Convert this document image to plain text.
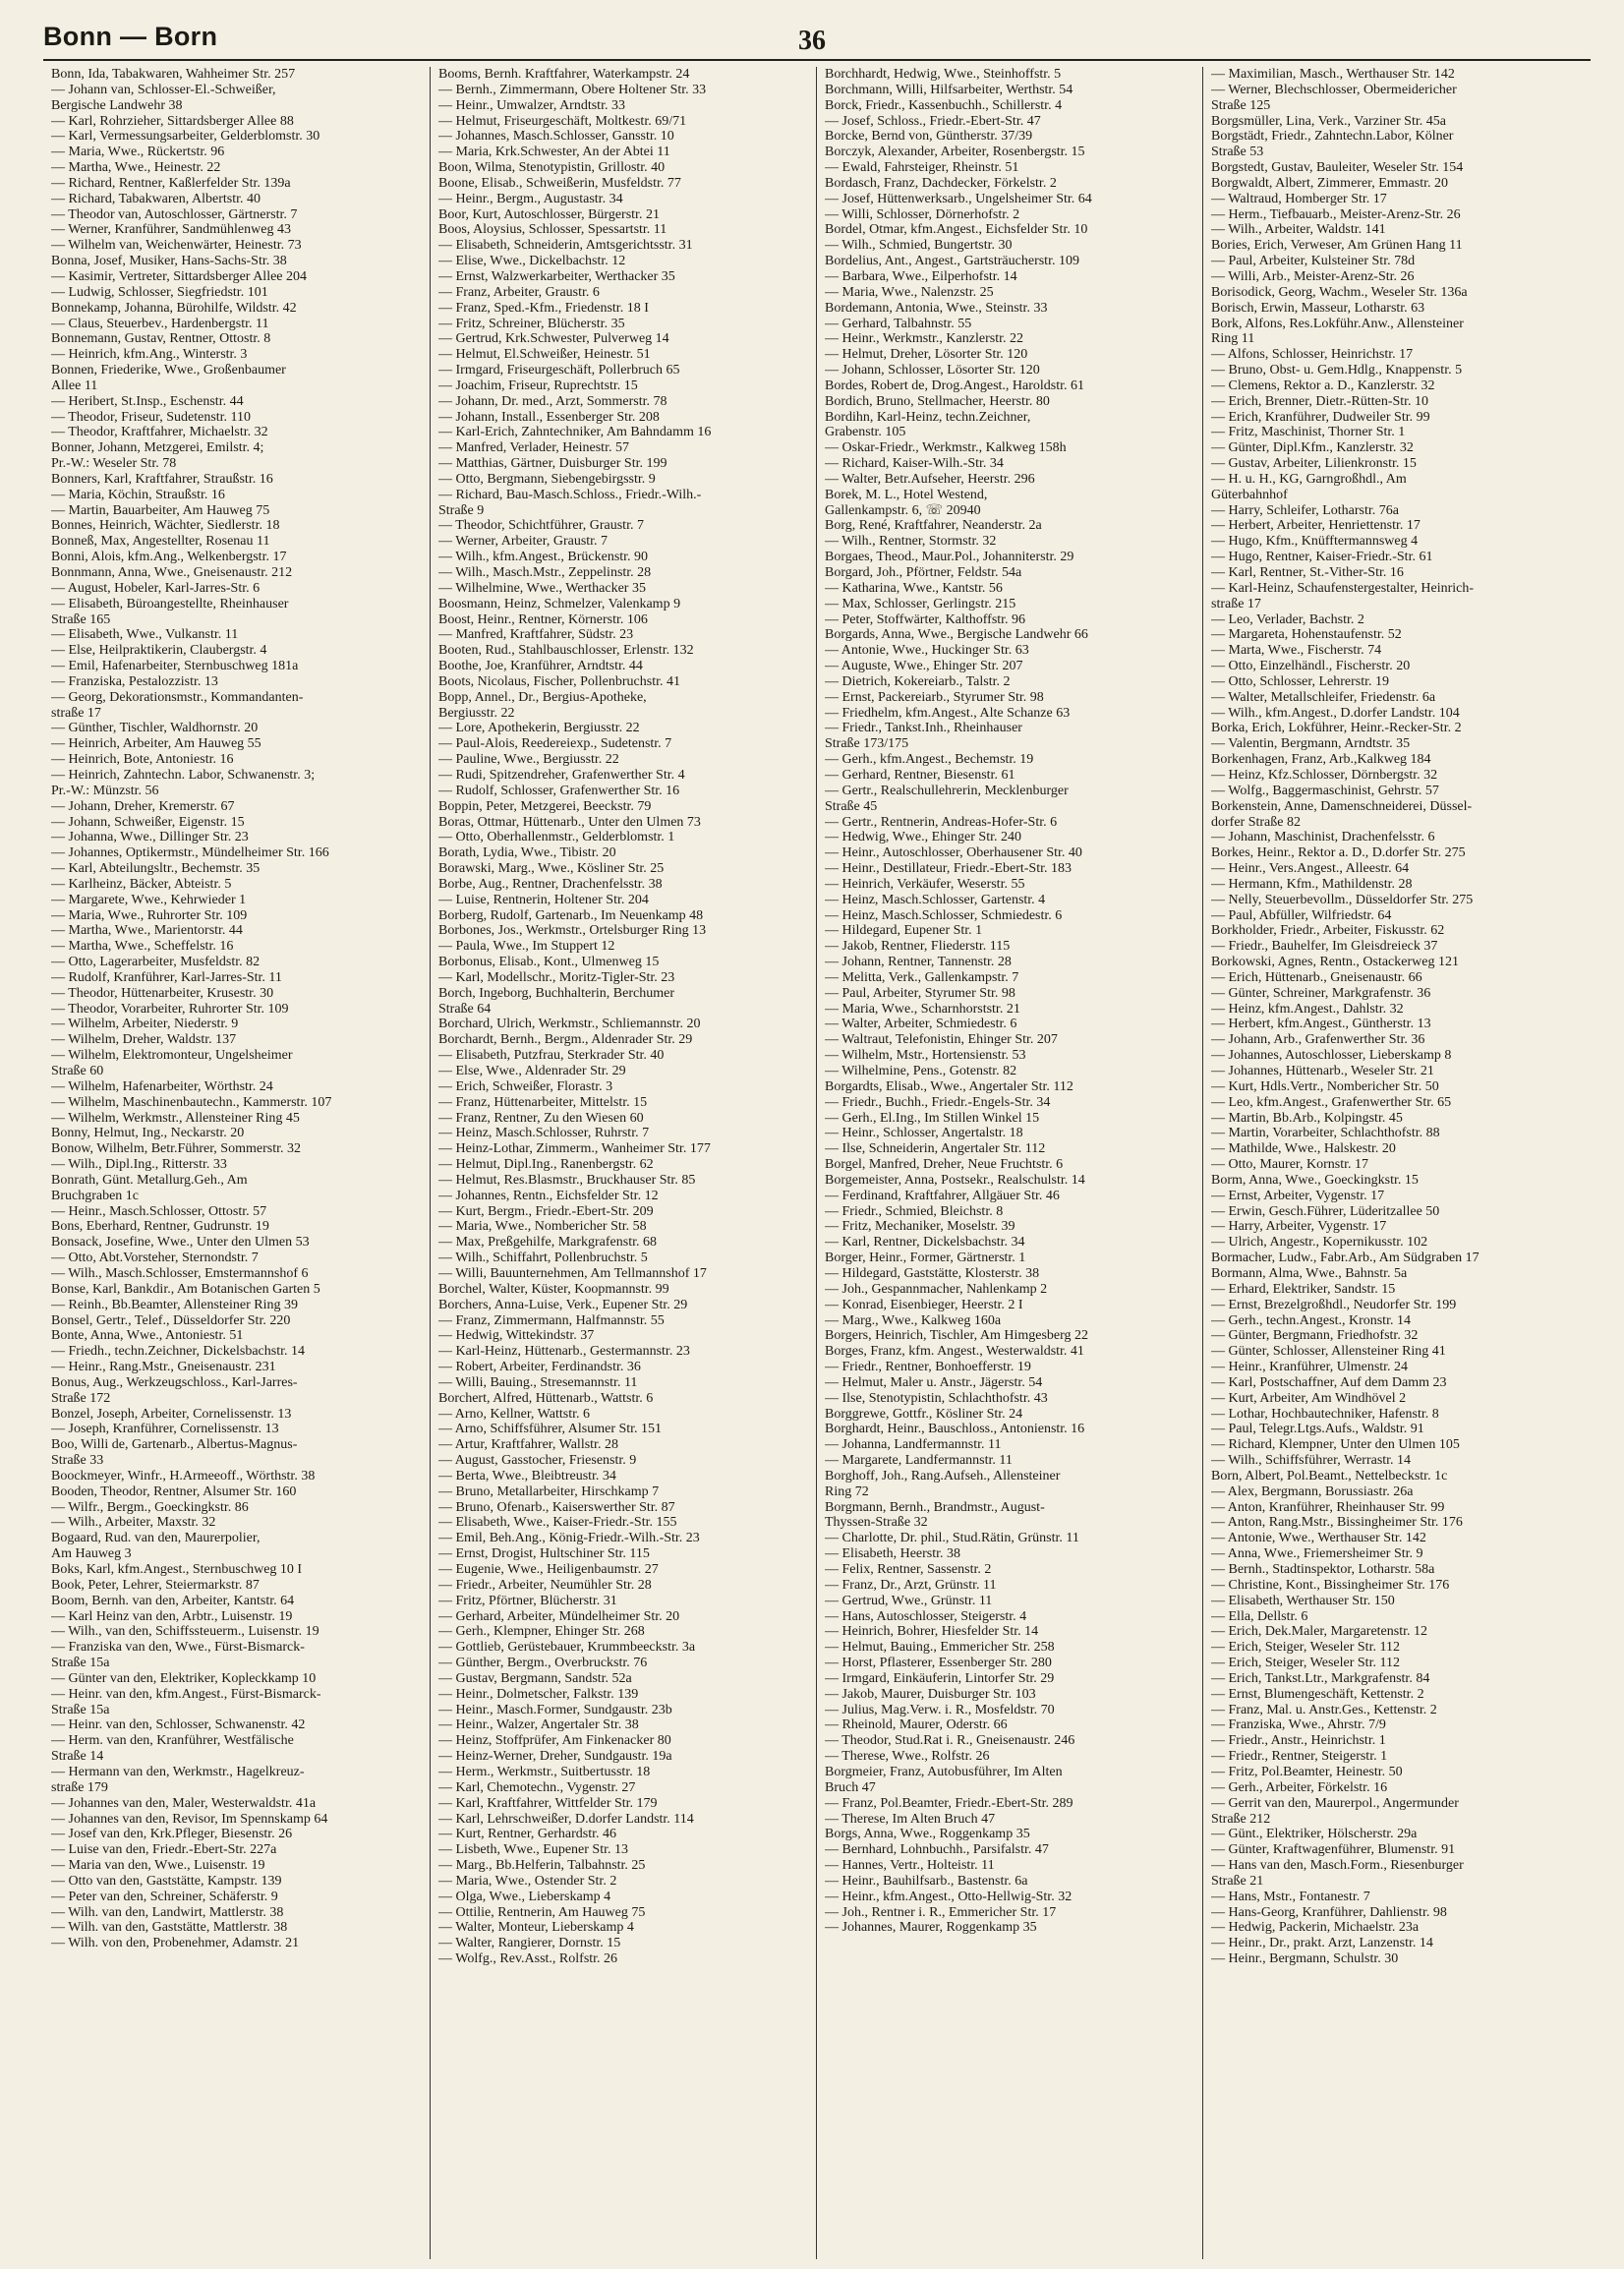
Bonn — Born	36
Bonn, Ida, Tabakwaren, Wahheimer Str. 257
— Johann van, Schlosser-El.-Schweißer,
Bergische Landwehr 38
— Karl, Rohrzieher, Sittardsberger Allee 88
— Karl, Vermessungsarbeiter, Gelderblomstr. 30
— Maria, Wwe., Rückertstr. 96
— Martha, Wwe., Heinestr. 22
— Richard, Rentner, Kaßlerfelder Str. 139a
— Richard, Tabakwaren, Albertstr. 40
— Theodor van, Autoschlosser, Gärtnerstr. 7
— Werner, Kranführer, Sandmühlenweg 43
— Wilhelm van, Weichenwärter, Heinestr. 73
Bonna, Josef, Musiker, Hans-Sachs-Str. 38
— Kasimir, Vertreter, Sittardsberger Allee 204
— Ludwig, Schlosser, Siegfriedstr. 101
Bonnekamp, Johanna, Bürohilfe, Wildstr. 42
— Claus, Steuerbev., Hardenbergstr. 11
Bonnemann, Gustav, Rentner, Ottostr. 8
— Heinrich, kfm.Ang., Winterstr. 3
Bonnen, Friederike, Wwe., Großenbaumer
Allee 11
— Heribert, St.Insp., Eschenstr. 44
— Theodor, Friseur, Sudetenstr. 110
— Theodor, Kraftfahrer, Michaelstr. 32
Bonner, Johann, Metzgerei, Emilstr. 4;
Pr.-W.: Weseler Str. 78
Bonners, Karl, Kraftfahrer, Straußstr. 16
— Maria, Köchin, Straußstr. 16
— Martin, Bauarbeiter, Am Hauweg 75
Bonnes, Heinrich, Wächter, Siedlerstr. 18
Bonneß, Max, Angestellter, Rosenau 11
Bonni, Alois, kfm.Ang., Welkenbergstr. 17
Bonnmann, Anna, Wwe., Gneisenaustr. 212
— August, Hobeler, Karl-Jarres-Str. 6
— Elisabeth, Büroangestellte, Rheinhauser
Straße 165
— Elisabeth, Wwe., Vulkanstr. 11
— Else, Heilpraktikerin, Claubergstr. 4
— Emil, Hafenarbeiter, Sternbuschweg 181a
— Franziska, Pestalozzistr. 13
— Georg, Dekorationsmstr., Kommandanten-
straße 17
— Günther, Tischler, Waldhornstr. 20
— Heinrich, Arbeiter, Am Hauweg 55
— Heinrich, Bote, Antoniestr. 16
— Heinrich, Zahntechn. Labor, Schwanenstr. 3;
Pr.-W.: Münzstr. 56
— Johann, Dreher, Kremerstr. 67
— Johann, Schweißer, Eigenstr. 15
— Johanna, Wwe., Dillinger Str. 23
— Johannes, Optikermstr., Mündelheimer Str. 166
— Karl, Abteilungsltr., Bechemstr. 35
— Karlheinz, Bäcker, Abteistr. 5
— Margarete, Wwe., Kehrwieder 1
— Maria, Wwe., Ruhrorter Str. 109
— Martha, Wwe., Marientorstr. 44
— Martha, Wwe., Scheffelstr. 16
— Otto, Lagerarbeiter, Musfeldstr. 82
— Rudolf, Kranführer, Karl-Jarres-Str. 11
— Theodor, Hüttenarbeiter, Krusestr. 30
— Theodor, Vorarbeiter, Ruhrorter Str. 109
— Wilhelm, Arbeiter, Niederstr. 9
— Wilhelm, Dreher, Waldstr. 137
— Wilhelm, Elektromonteur, Ungelsheimer
Straße 60
— Wilhelm, Hafenarbeiter, Wörthstr. 24
— Wilhelm, Maschinenbautechn., Kammerstr. 107
— Wilhelm, Werkmstr., Allensteiner Ring 45
Bonny, Helmut, Ing., Neckarstr. 20
Bonow, Wilhelm, Betr.Führer, Sommerstr. 32
— Wilh., Dipl.Ing., Ritterstr. 33
Bonrath, Günt. Metallurg.Geh., Am
Bruchgraben 1c
— Heinr., Masch.Schlosser, Ottostr. 57
Bons, Eberhard, Rentner, Gudrunstr. 19
Bonsack, Josefine, Wwe., Unter den Ulmen 53
— Otto, Abt.Vorsteher, Sternondstr. 7
— Wilh., Masch.Schlosser, Emstermannshof 6
Bonse, Karl, Bankdir., Am Botanischen Garten 5
— Reinh., Bb.Beamter, Allensteiner Ring 39
Bonsel, Gertr., Telef., Düsseldorfer Str. 220
Bonte, Anna, Wwe., Antoniestr. 51
— Friedh., techn.Zeichner, Dickelsbachstr. 14
— Heinr., Rang.Mstr., Gneisenaustr. 231
Bonus, Aug., Werkzeugschloss., Karl-Jarres-
Straße 172
Bonzel, Joseph, Arbeiter, Cornelissenstr. 13
— Joseph, Kranführer, Cornelissenstr. 13
Boo, Willi de, Gartenarb., Albertus-Magnus-
Straße 33
Boockmeyer, Winfr., H.Armeeoff., Wörthstr. 38
Booden, Theodor, Rentner, Alsumer Str. 160
— Wilfr., Bergm., Goeckingkstr. 86
— Wilh., Arbeiter, Maxstr. 32
Bogaard, Rud. van den, Maurerpolier,
Am Hauweg 3
Boks, Karl, kfm.Angest., Sternbuschweg 10 I
Book, Peter, Lehrer, Steiermarkstr. 87
Boom, Bernh. van den, Arbeiter, Kantstr. 64
— Karl Heinz van den, Arbtr., Luisenstr. 19
— Wilh., van den, Schiffssteuerm., Luisenstr. 19
— Franziska van den, Wwe., Fürst-Bismarck-
Straße 15a
— Günter van den, Elektriker, Kopleckkamp 10
— Heinr. van den, kfm.Angest., Fürst-Bismarck-
Straße 15a
— Heinr. van den, Schlosser, Schwanenstr. 42
— Herm. van den, Kranführer, Westfälische
Straße 14
— Hermann van den, Werkmstr., Hagelkreuz-
straße 179
— Johannes van den, Maler, Westerwaldstr. 41a
— Johannes van den, Revisor, Im Spennskamp 64
— Josef van den, Krk.Pfleger, Biesenstr. 26
— Luise van den, Friedr.-Ebert-Str. 227a
— Maria van den, Wwe., Luisenstr. 19
— Otto van den, Gaststätte, Kampstr. 139
— Peter van den, Schreiner, Schäferstr. 9
— Wilh. van den, Landwirt, Mattlerstr. 38
— Wilh. van den, Gaststätte, Mattlerstr. 38
— Wilh. von den, Probenehmer, Adamstr. 21
Booms, Bernh. Kraftfahrer, Waterkampstr. 24
— Bernh., Zimmermann, Obere Holtener Str. 33
— Heinr., Umwalzer, Arndtstr. 33
— Helmut, Friseurgeschäft, Moltkestr. 69/71
— Johannes, Masch.Schlosser, Gansstr. 10
— Maria, Krk.Schwester, An der Abtei 11
Boon, Wilma, Stenotypistin, Grillostr. 40
Boone, Elisab., Schweißerin, Musfeldstr. 77
— Heinr., Bergm., Augustastr. 34
Boor, Kurt, Autoschlosser, Bürgerstr. 21
Boos, Aloysius, Schlosser, Spessartstr. 11
— Elisabeth, Schneiderin, Amtsgerichtsstr. 31
— Elise, Wwe., Dickelbachstr. 12
— Ernst, Walzwerkarbeiter, Werthacker 35
— Franz, Arbeiter, Graustr. 6
— Franz, Sped.-Kfm., Friedenstr. 18 I
— Fritz, Schreiner, Blücherstr. 35
— Gertrud, Krk.Schwester, Pulverweg 14
— Helmut, El.Schweißer, Heinestr. 51
— Irmgard, Friseurgeschäft, Pollerbruch 65
— Joachim, Friseur, Ruprechtstr. 15
— Johann, Dr. med., Arzt, Sommerstr. 78
— Johann, Install., Essenberger Str. 208
— Karl-Erich, Zahntechniker, Am Bahndamm 16
— Manfred, Verlader, Heinestr. 57
— Matthias, Gärtner, Duisburger Str. 199
— Otto, Bergmann, Siebengebirgsstr. 9
— Richard, Bau-Masch.Schloss., Friedr.-Wilh.-
Straße 9
— Theodor, Schichtführer, Graustr. 7
— Werner, Arbeiter, Graustr. 7
— Wilh., kfm.Angest., Brückenstr. 90
— Wilh., Masch.Mstr., Zeppelinstr. 28
— Wilhelmine, Wwe., Werthacker 35
Boosmann, Heinz, Schmelzer, Valenkamp 9
Boost, Heinr., Rentner, Körnerstr. 106
— Manfred, Kraftfahrer, Südstr. 23
Booten, Rud., Stahlbauschlosser, Erlenstr. 132
Boothe, Joe, Kranführer, Arndtstr. 44
Boots, Nicolaus, Fischer, Pollenbruchstr. 41
Bopp, Annel., Dr., Bergius-Apotheke,
Bergiusstr. 22
— Lore, Apothekerin, Bergiusstr. 22
— Paul-Alois, Reedereiexp., Sudetenstr. 7
— Pauline, Wwe., Bergiusstr. 22
— Rudi, Spitzendreher, Grafenwerther Str. 4
— Rudolf, Schlosser, Grafenwerther Str. 16
Boppin, Peter, Metzgerei, Beeckstr. 79
Boras, Ottmar, Hüttenarb., Unter den Ulmen 73
— Otto, Oberhallenmstr., Gelderblomstr. 1
Borath, Lydia, Wwe., Tibistr. 20
Borawski, Marg., Wwe., Kösliner Str. 25
Borbe, Aug., Rentner, Drachenfelsstr. 38
— Luise, Rentnerin, Holtener Str. 204
Borberg, Rudolf, Gartenarb., Im Neuenkamp 48
Borbones, Jos., Werkmstr., Ortelsburger Ring 13
— Paula, Wwe., Im Stuppert 12
Borbonus, Elisab., Kont., Ulmenweg 15
— Karl, Modellschr., Moritz-Tigler-Str. 23
Borch, Ingeborg, Buchhalterin, Berchumer
Straße 64
Borchard, Ulrich, Werkmstr., Schliemannstr. 20
Borchardt, Bernh., Bergm., Aldenrader Str. 29
— Elisabeth, Putzfrau, Sterkrader Str. 40
— Else, Wwe., Aldenrader Str. 29
— Erich, Schweißer, Florastr. 3
— Franz, Hüttenarbeiter, Mittelstr. 15
— Franz, Rentner, Zu den Wiesen 60
— Heinz, Masch.Schlosser, Ruhrstr. 7
— Heinz-Lothar, Zimmerm., Wanheimer Str. 177
— Helmut, Dipl.Ing., Ranenbergstr. 62
— Helmut, Res.Blasmstr., Bruckhauser Str. 85
— Johannes, Rentn., Eichsfelder Str. 12
— Kurt, Bergm., Friedr.-Ebert-Str. 209
— Maria, Wwe., Nombericher Str. 58
— Max, Preßgehilfe, Markgrafenstr. 68
— Wilh., Schiffahrt, Pollenbruchstr. 5
— Willi, Bauunternehmen, Am Tellmannshof 17
Borchel, Walter, Küster, Koopmannstr. 99
Borchers, Anna-Luise, Verk., Eupener Str. 29
— Franz, Zimmermann, Halfmannstr. 55
— Hedwig, Wittekindstr. 37
— Karl-Heinz, Hüttenarb., Gestermannstr. 23
— Robert, Arbeiter, Ferdinandstr. 36
— Willi, Bauing., Stresemannstr. 11
Borchert, Alfred, Hüttenarb., Wattstr. 6
— Arno, Kellner, Wattstr. 6
— Arno, Schiffsführer, Alsumer Str. 151
— Artur, Kraftfahrer, Wallstr. 28
— August, Gasstocher, Friesenstr. 9
— Berta, Wwe., Bleibtreustr. 34
— Bruno, Metallarbeiter, Hirschkamp 7
— Bruno, Ofenarb., Kaiserswerther Str. 87
— Elisabeth, Wwe., Kaiser-Friedr.-Str. 155
— Emil, Beh.Ang., König-Friedr.-Wilh.-Str. 23
— Ernst, Drogist, Hultschiner Str. 115
— Eugenie, Wwe., Heiligenbaumstr. 27
— Friedr., Arbeiter, Neumühler Str. 28
— Fritz, Pförtner, Blücherstr. 31
— Gerhard, Arbeiter, Mündelheimer Str. 20
— Gerh., Klempner, Ehinger Str. 268
— Gottlieb, Gerüstebauer, Krummbeeckstr. 3a
— Günther, Bergm., Overbruckstr. 76
— Gustav, Bergmann, Sandstr. 52a
— Heinr., Dolmetscher, Falkstr. 139
— Heinr., Masch.Former, Sundgaustr. 23b
— Heinr., Walzer, Angertaler Str. 38
— Heinz, Stoffprüfer, Am Finkenacker 80
— Heinz-Werner, Dreher, Sundgaustr. 19a
— Herm., Werkmstr., Suitbertusstr. 18
— Karl, Chemotechn., Vygenstr. 27
— Karl, Kraftfahrer, Wittfelder Str. 179
— Karl, Lehrschweißer, D.dorfer Landstr. 114
— Kurt, Rentner, Gerhardstr. 46
— Lisbeth, Wwe., Eupener Str. 13
— Marg., Bb.Helferin, Talbahnstr. 25
— Maria, Wwe., Ostender Str. 2
— Olga, Wwe., Lieberskamp 4
— Ottilie, Rentnerin, Am Hauweg 75
— Walter, Monteur, Lieberskamp 4
— Walter, Rangierer, Dornstr. 15
— Wolfg., Rev.Asst., Rolfstr. 26
Borchhardt, Hedwig, Wwe., Steinhoffstr. 5
Borchmann, Willi, Hilfsarbeiter, Werthstr. 54
Borck, Friedr., Kassenbuchh., Schillerstr. 4
— Josef, Schloss., Friedr.-Ebert-Str. 47
Borcke, Bernd von, Güntherstr. 37/39
Borczyk, Alexander, Arbeiter, Rosenbergstr. 15
— Ewald, Fahrsteiger, Rheinstr. 51
Bordasch, Franz, Dachdecker, Förkelstr. 2
— Josef, Hüttenwerksarb., Ungelsheimer Str. 64
— Willi, Schlosser, Dörnerhofstr. 2
Bordel, Otmar, kfm.Angest., Eichsfelder Str. 10
— Wilh., Schmied, Bungertstr. 30
Bordelius, Ant., Angest., Gartsträucherstr. 109
— Barbara, Wwe., Eilperhofstr. 14
— Maria, Wwe., Nalenzstr. 25
Bordemann, Antonia, Wwe., Steinstr. 33
— Gerhard, Talbahnstr. 55
— Heinr., Werkmstr., Kanzlerstr. 22
— Helmut, Dreher, Lösorter Str. 120
— Johann, Schlosser, Lösorter Str. 120
Bordes, Robert de, Drog.Angest., Haroldstr. 61
Bordich, Bruno, Stellmacher, Heerstr. 80
Bordihn, Karl-Heinz, techn.Zeichner,
Grabenstr. 105
— Oskar-Friedr., Werkmstr., Kalkweg 158h
— Richard, Kaiser-Wilh.-Str. 34
— Walter, Betr.Aufseher, Heerstr. 296
Borek, M. L., Hotel Westend,
Gallenkampstr. 6, ☏ 20940
Borg, René, Kraftfahrer, Neanderstr. 2a
— Wilh., Rentner, Stormstr. 32
Borgaes, Theod., Maur.Pol., Johanniterstr. 29
Borgard, Joh., Pförtner, Feldstr. 54a
— Katharina, Wwe., Kantstr. 56
— Max, Schlosser, Gerlingstr. 215
— Peter, Stoffwärter, Kalthoffstr. 96
Borgards, Anna, Wwe., Bergische Landwehr 66
— Antonie, Wwe., Huckinger Str. 63
— Auguste, Wwe., Ehinger Str. 207
— Dietrich, Kokereiarb., Talstr. 2
— Ernst, Packereiarb., Styrumer Str. 98
— Friedhelm, kfm.Angest., Alte Schanze 63
— Friedr., Tankst.Inh., Rheinhauser
Straße 173/175
— Gerh., kfm.Angest., Bechemstr. 19
— Gerhard, Rentner, Biesenstr. 61
— Gertr., Realschullehrerin, Mecklenburger
Straße 45
— Gertr., Rentnerin, Andreas-Hofer-Str. 6
— Hedwig, Wwe., Ehinger Str. 240
— Heinr., Autoschlosser, Oberhausener Str. 40
— Heinr., Destillateur, Friedr.-Ebert-Str. 183
— Heinrich, Verkäufer, Weserstr. 55
— Heinz, Masch.Schlosser, Gartenstr. 4
— Heinz, Masch.Schlosser, Schmiedestr. 6
— Hildegard, Eupener Str. 1
— Jakob, Rentner, Fliederstr. 115
— Johann, Rentner, Tannenstr. 28
— Melitta, Verk., Gallenkampstr. 7
— Paul, Arbeiter, Styrumer Str. 98
— Maria, Wwe., Scharnhorststr. 21
— Walter, Arbeiter, Schmiedestr. 6
— Waltraut, Telefonistin, Ehinger Str. 207
— Wilhelm, Mstr., Hortensienstr. 53
— Wilhelmine, Pens., Gotenstr. 82
Borgardts, Elisab., Wwe., Angertaler Str. 112
— Friedr., Buchh., Friedr.-Engels-Str. 34
— Gerh., El.Ing., Im Stillen Winkel 15
— Heinr., Schlosser, Angertalstr. 18
— Ilse, Schneiderin, Angertaler Str. 112
Borgel, Manfred, Dreher, Neue Fruchtstr. 6
Borgemeister, Anna, Postsekr., Realschulstr. 14
— Ferdinand, Kraftfahrer, Allgäuer Str. 46
— Friedr., Schmied, Bleichstr. 8
— Fritz, Mechaniker, Moselstr. 39
— Karl, Rentner, Dickelsbachstr. 34
Borger, Heinr., Former, Gärtnerstr. 1
— Hildegard, Gaststätte, Klosterstr. 38
— Joh., Gespannmacher, Nahlenkamp 2
— Konrad, Eisenbieger, Heerstr. 2 I
— Marg., Wwe., Kalkweg 160a
Borgers, Heinrich, Tischler, Am Himgesberg 22
Borges, Franz, kfm. Angest., Westerwaldstr. 41
— Friedr., Rentner, Bonhoefferstr. 19
— Helmut, Maler u. Anstr., Jägerstr. 54
— Ilse, Stenotypistin, Schlachthofstr. 43
Borggrewe, Gottfr., Kösliner Str. 24
Borghardt, Heinr., Bauschloss., Antonienstr. 16
— Johanna, Landfermannstr. 11
— Margarete, Landfermannstr. 11
Borghoff, Joh., Rang.Aufseh., Allensteiner
Ring 72
Borgmann, Bernh., Brandmstr., August-
Thyssen-Straße 32
— Charlotte, Dr. phil., Stud.Rätin, Grünstr. 11
— Elisabeth, Heerstr. 38
— Felix, Rentner, Sassenstr. 2
— Franz, Dr., Arzt, Grünstr. 11
— Gertrud, Wwe., Grünstr. 11
— Hans, Autoschlosser, Steigerstr. 4
— Heinrich, Bohrer, Hiesfelder Str. 14
— Helmut, Bauing., Emmericher Str. 258
— Horst, Pflasterer, Essenberger Str. 280
— Irmgard, Einkäuferin, Lintorfer Str. 29
— Jakob, Maurer, Duisburger Str. 103
— Julius, Mag.Verw. i. R., Mosfeldstr. 70
— Rheinold, Maurer, Oderstr. 66
— Theodor, Stud.Rat i. R., Gneisenaustr. 246
— Therese, Wwe., Rolfstr. 26
Borgmeier, Franz, Autobusführer, Im Alten
Bruch 47
— Franz, Pol.Beamter, Friedr.-Ebert-Str. 289
— Therese, Im Alten Bruch 47
Borgs, Anna, Wwe., Roggenkamp 35
— Bernhard, Lohnbuchh., Parsifalstr. 47
— Hannes, Vertr., Holteistr. 11
— Heinr., Bauhilfsarb., Bastenstr. 6a
— Heinr., kfm.Angest., Otto-Hellwig-Str. 32
— Joh., Rentner i. R., Emmericher Str. 17
— Johannes, Maurer, Roggenkamp 35
— Maximilian, Masch., Werthauser Str. 142
— Werner, Blechschlosser, Obermeidericher
Straße 125
Borgsmüller, Lina, Verk., Varziner Str. 45a
Borgstädt, Friedr., Zahntechn.Labor, Kölner
Straße 53
Borgstedt, Gustav, Bauleiter, Weseler Str. 154
Borgwaldt, Albert, Zimmerer, Emmastr. 20
— Waltraud, Homberger Str. 17
— Herm., Tiefbauarb., Meister-Arenz-Str. 26
— Wilh., Arbeiter, Waldstr. 141
Bories, Erich, Verweser, Am Grünen Hang 11
— Paul, Arbeiter, Kulsteiner Str. 78d
— Willi, Arb., Meister-Arenz-Str. 26
Borisodick, Georg, Wachm., Weseler Str. 136a
Borisch, Erwin, Masseur, Lotharstr. 63
Bork, Alfons, Res.Lokführ.Anw., Allensteiner
Ring 11
— Alfons, Schlosser, Heinrichstr. 17
— Bruno, Obst- u. Gem.Hdlg., Knappenstr. 5
— Clemens, Rektor a. D., Kanzlerstr. 32
— Erich, Brenner, Dietr.-Rütten-Str. 10
— Erich, Kranführer, Dudweiler Str. 99
— Fritz, Maschinist, Thorner Str. 1
— Günter, Dipl.Kfm., Kanzlerstr. 32
— Gustav, Arbeiter, Lilienkronstr. 15
— H. u. H., KG, Garngroßhdl., Am
Güterbahnhof
— Harry, Schleifer, Lotharstr. 76a
— Herbert, Arbeiter, Henriettenstr. 17
— Hugo, Kfm., Knüfftermannsweg 4
— Hugo, Rentner, Kaiser-Friedr.-Str. 61
— Karl, Rentner, St.-Vither-Str. 16
— Karl-Heinz, Schaufenstergestalter, Heinrich-
straße 17
— Leo, Verlader, Bachstr. 2
— Margareta, Hohenstaufenstr. 52
— Marta, Wwe., Fischerstr. 74
— Otto, Einzelhändl., Fischerstr. 20
— Otto, Schlosser, Lehrerstr. 19
— Walter, Metallschleifer, Friedenstr. 6a
— Wilh., kfm.Angest., D.dorfer Landstr. 104
Borka, Erich, Lokführer, Heinr.-Recker-Str. 2
— Valentin, Bergmann, Arndtstr. 35
Borkenhagen, Franz, Arb.,Kalkweg 184
— Heinz, Kfz.Schlosser, Dörnbergstr. 32
— Wolfg., Baggermaschinist, Gehrstr. 57
Borkenstein, Anne, Damenschneiderei, Düssel-
dorfer Straße 82
— Johann, Maschinist, Drachenfelsstr. 6
Borkes, Heinr., Rektor a. D., D.dorfer Str. 275
— Heinr., Vers.Angest., Alleestr. 64
— Hermann, Kfm., Mathildenstr. 28
— Nelly, Steuerbevollm., Düsseldorfer Str. 275
— Paul, Abfüller, Wilfriedstr. 64
Borkholder, Friedr., Arbeiter, Fiskusstr. 62
— Friedr., Bauhelfer, Im Gleisdreieck 37
Borkowski, Agnes, Rentn., Ostackerweg 121
— Erich, Hüttenarb., Gneisenaustr. 66
— Günter, Schreiner, Markgrafenstr. 36
— Heinz, kfm.Angest., Dahlstr. 32
— Herbert, kfm.Angest., Güntherstr. 13
— Johann, Arb., Grafenwerther Str. 36
— Johannes, Autoschlosser, Lieberskamp 8
— Johannes, Hüttenarb., Weseler Str. 21
— Kurt, Hdls.Vertr., Nombericher Str. 50
— Leo, kfm.Angest., Grafenwerther Str. 65
— Martin, Bb.Arb., Kolpingstr. 45
— Martin, Vorarbeiter, Schlachthofstr. 88
— Mathilde, Wwe., Halskestr. 20
— Otto, Maurer, Kornstr. 17
Borm, Anna, Wwe., Goeckingkstr. 15
— Ernst, Arbeiter, Vygenstr. 17
— Erwin, Gesch.Führer, Lüderitzallee 50
— Harry, Arbeiter, Vygenstr. 17
— Ulrich, Angestr., Kopernikusstr. 102
Bormacher, Ludw., Fabr.Arb., Am Südgraben 17
Bormann, Alma, Wwe., Bahnstr. 5a
— Erhard, Elektriker, Sandstr. 15
— Ernst, Brezelgroßhdl., Neudorfer Str. 199
— Gerh., techn.Angest., Kronstr. 14
— Günter, Bergmann, Friedhofstr. 32
— Günter, Schlosser, Allensteiner Ring 41
— Heinr., Kranführer, Ulmenstr. 24
— Karl, Postschaffner, Auf dem Damm 23
— Kurt, Arbeiter, Am Windhövel 2
— Lothar, Hochbautechniker, Hafenstr. 8
— Paul, Telegr.Ltgs.Aufs., Waldstr. 91
— Richard, Klempner, Unter den Ulmen 105
— Wilh., Schiffsführer, Werrastr. 14
Born, Albert, Pol.Beamt., Nettelbeckstr. 1c
— Alex, Bergmann, Borussiastr. 26a
— Anton, Kranführer, Rheinhauser Str. 99
— Anton, Rang.Mstr., Bissingheimer Str. 176
— Antonie, Wwe., Werthauser Str. 142
— Anna, Wwe., Friemersheimer Str. 9
— Bernh., Stadtinspektor, Lotharstr. 58a
— Christine, Kont., Bissingheimer Str. 176
— Elisabeth, Werthauser Str. 150
— Ella, Dellstr. 6
— Erich, Dek.Maler, Margaretenstr. 12
— Erich, Steiger, Weseler Str. 112
— Erich, Steiger, Weseler Str. 112
— Erich, Tankst.Ltr., Markgrafenstr. 84
— Ernst, Blumengeschäft, Kettenstr. 2
— Franz, Mal. u. Anstr.Ges., Kettenstr. 2
— Franziska, Wwe., Ahrstr. 7/9
— Friedr., Anstr., Heinrichstr. 1
— Friedr., Rentner, Steigerstr. 1
— Fritz, Pol.Beamter, Heinestr. 50
— Gerh., Arbeiter, Förkelstr. 16
— Gerrit van den, Maurerpol., Angermunder
Straße 212
— Günt., Elektriker, Hölscherstr. 29a
— Günter, Kraftwagenführer, Blumenstr. 91
— Hans van den, Masch.Form., Riesenburger
Straße 21
— Hans, Mstr., Fontanestr. 7
— Hans-Georg, Kranführer, Dahlienstr. 98
— Hedwig, Packerin, Michaelstr. 23a
— Heinr., Dr., prakt. Arzt, Lanzenstr. 14
— Heinr., Bergmann, Schulstr. 30
